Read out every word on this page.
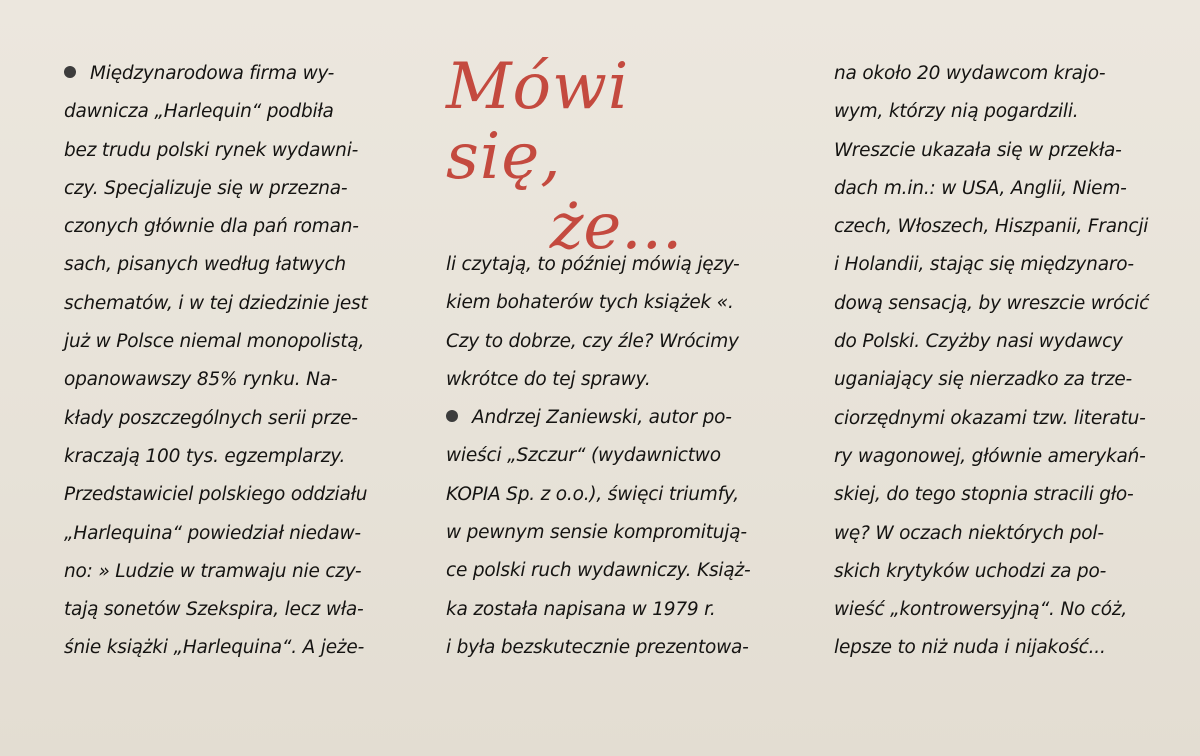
Międzynarodowa firma wy-
dawnicza „Harlequin“ podbiła
bez trudu polski rynek wydawni-
czy. Specjalizuje się w przezna-
czonych głównie dla pań roman-
sach, pisanych według łatwych
schematów, i w tej dziedzinie jest
już w Polsce niemal monopolistą,
opanowawszy 85% rynku. Na-
kłady poszczególnych serii prze-
kraczają 100 tys. egzemplarzy.
Przedstawiciel polskiego oddziału
„Harlequina“ powiedział niedaw-
no: » Ludzie w tramwaju nie czy-
tają sonetów Szekspira, lecz wła-
śnie książki „Harlequina“. A jeże-
Mówi się,
że...
li czytają, to później mówią języ-
kiem bohaterów tych książek «.
Czy to dobrze, czy źle? Wrócimy
wkrótce do tej sprawy.
Andrzej Zaniewski, autor po-
wieści „Szczur“ (wydawnictwo
KOPIA Sp. z o.o.), święci triumfy,
w pewnym sensie kompromitują-
ce polski ruch wydawniczy. Książ-
ka została napisana w 1979 r.
i była bezskutecznie prezentowa-
na około 20 wydawcom krajo-
wym, którzy nią pogardzili.
Wreszcie ukazała się w przekła-
dach m.in.: w USA, Anglii, Niem-
czech, Włoszech, Hiszpanii, Francji
i Holandii, stając się międzynaro-
dową sensacją, by wreszcie wrócić
do Polski. Czyżby nasi wydawcy
uganiający się nierzadko za trze-
ciorzędnymi okazami tzw. literatu-
ry wagonowej, głównie amerykań-
skiej, do tego stopnia stracili gło-
wę? W oczach niektórych pol-
skich krytyków uchodzi za po-
wieść „kontrowersyjną“. No cóż,
lepsze to niż nuda i nijakość...
